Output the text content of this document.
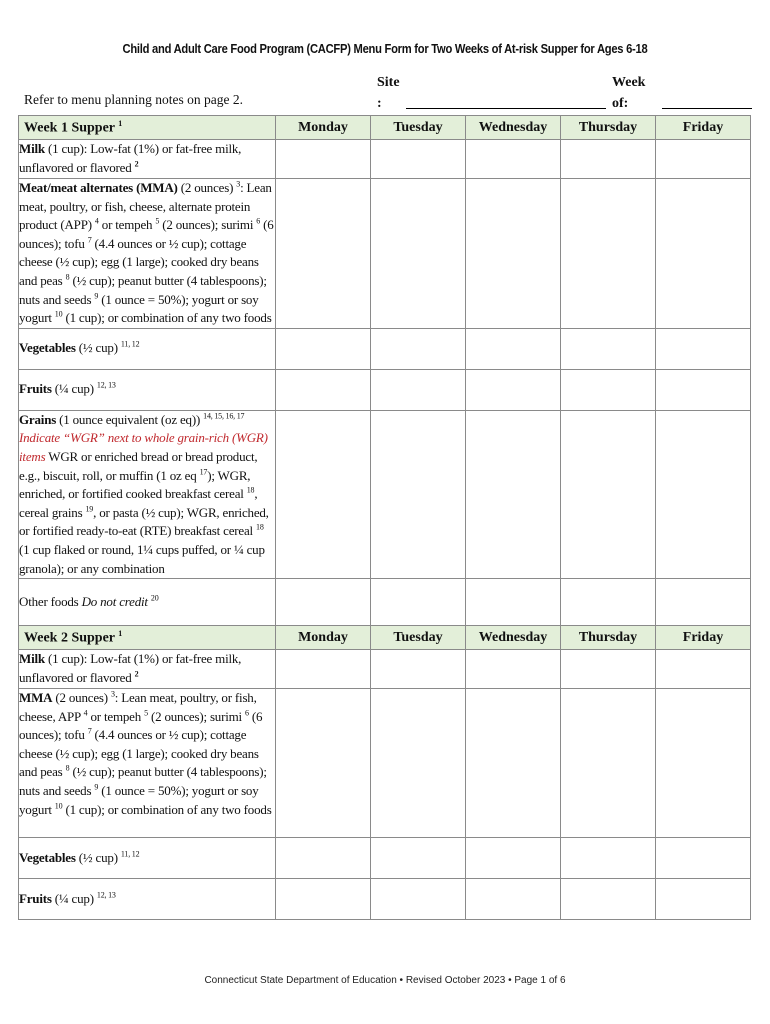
Child and Adult Care Food Program (CACFP) Menu Form for Two Weeks of At-risk Supper for Ages 6-18
Refer to menu planning notes on page 2.
Site
:
Week
of:
Week 1 Supper $^1$	Monday	Tuesday	Wednesday	Thursday	Friday
Milk (1 cup): Low-fat (1%) or fat-free milk, unflavored or flavored $^2$					
Meat/meat alternates (MMA) (2 ounces) $^3$: Lean meat, poultry, or fish, cheese, alternate protein product (APP) $^4$ or tempeh $^5$ (2 ounces); surimi $^6$ (6 ounces); tofu $^7$ (4.4 ounces or ½ cup); cottage cheese (½ cup); egg (1 large); cooked dry beans and peas $^8$ (½ cup); peanut butter (4 tablespoons); nuts and seeds $^9$ (1 ounce = 50%); yogurt or soy yogurt $^{10}$ (1 cup); or combination of any two foods					
Vegetables (½ cup) $^{11, 12}$					
Fruits (¼ cup) $^{12, 13}$					
Grains (1 ounce equivalent (oz eq)) $^{14, 15, 16, 17}$
Indicate “WGR” next to whole grain-rich (WGR) items WGR or enriched bread or bread product, e.g., biscuit, roll, or muffin (1 oz eq $^{17}$); WGR, enriched, or fortified cooked breakfast cereal $^{18}$, cereal grains $^{19}$, or pasta (½ cup); WGR, enriched, or fortified ready-to-eat (RTE) breakfast cereal $^{18}$ (1 cup flaked or round, 1¼ cups puffed, or ¼ cup granola); or any combination					
Other foods Do not credit $^{20}$					
Week 2 Supper $^1$	Monday	Tuesday	Wednesday	Thursday	Friday
Milk (1 cup): Low-fat (1%) or fat-free milk, unflavored or flavored $^2$					
MMA (2 ounces) $^3$: Lean meat, poultry, or fish, cheese, APP $^4$ or tempeh $^5$ (2 ounces); surimi $^6$ (6 ounces); tofu $^7$ (4.4 ounces or ½ cup); cottage cheese (½ cup); egg (1 large); cooked dry beans and peas $^8$ (½ cup); peanut butter (4 tablespoons); nuts and seeds $^9$ (1 ounce = 50%); yogurt or soy yogurt $^{10}$ (1 cup); or combination of any two foods					
Vegetables (½ cup) $^{11, 12}$					
Fruits (¼ cup) $^{12, 13}$					
Connecticut State Department of Education • Revised October 2023 • Page 1 of 6
